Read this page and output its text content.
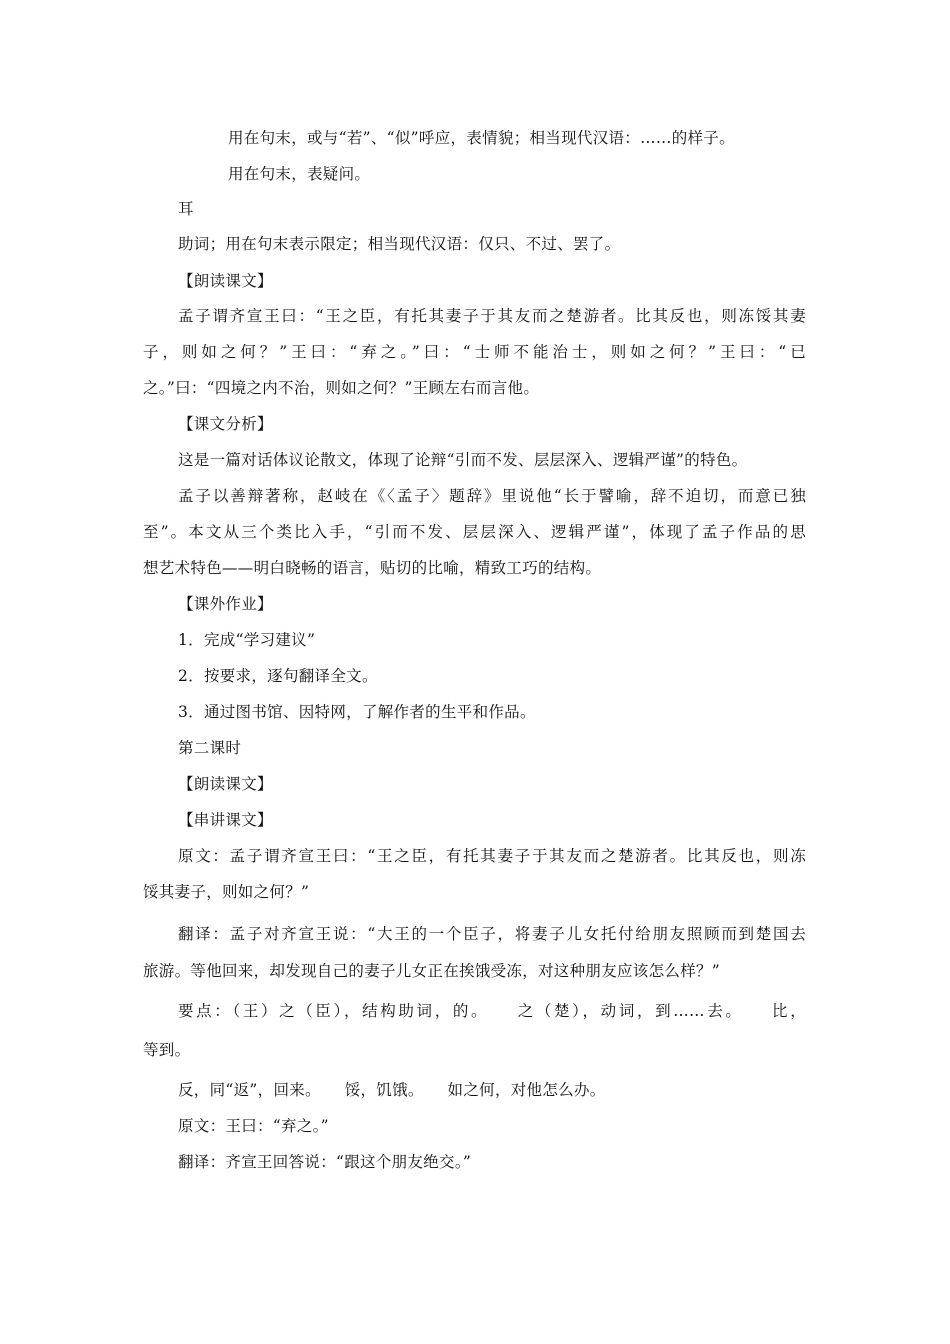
用在句末，或与“若”、“似”呼应，表情貌；相当现代汉语：……的样子。
用在句末，表疑问。
耳
助词；用在句末表示限定；相当现代汉语：仅只、不过、罢了。
【朗读课文】
孟子谓齐宣王曰：“王之臣，有托其妻子于其友而之楚游者。比其反也，则冻馁其妻
子，则如之何？”王曰：“弃之。”曰：“士师不能治士，则如之何？”王曰：“已
之。”曰：“四境之内不治，则如之何？”王顾左右而言他。
【课文分析】
这是一篇对话体议论散文，体现了论辩“引而不发、层层深入、逻辑严谨”的特色。
孟子以善辩著称，赵岐在《〈孟子〉题辞》里说他“长于譬喻，辞不迫切，而意已独
至”。本文从三个类比入手，“引而不发、层层深入、逻辑严谨”，体现了孟子作品的思
想艺术特色——明白晓畅的语言，贴切的比喻，精致工巧的结构。
【课外作业】
1．完成“学习建议”
2．按要求，逐句翻译全文。
3．通过图书馆、因特网，了解作者的生平和作品。
第二课时
【朗读课文】
【串讲课文】
原文：孟子谓齐宣王曰：“王之臣，有托其妻子于其友而之楚游者。比其反也，则冻
馁其妻子，则如之何？”
翻译：孟子对齐宣王说：“大王的一个臣子，将妻子儿女托付给朋友照顾而到楚国去
旅游。等他回来，却发现自己的妻子儿女正在挨饿受冻，对这种朋友应该怎么样？”
要点：（王）之（臣），结构助词，的。　　之（楚），动词，到……去。　　比，
等到。
反，同“返”，回来。　　馁，饥饿。　　如之何，对他怎么办。
原文：王曰：“弃之。”
翻译：齐宣王回答说：“跟这个朋友绝交。”
